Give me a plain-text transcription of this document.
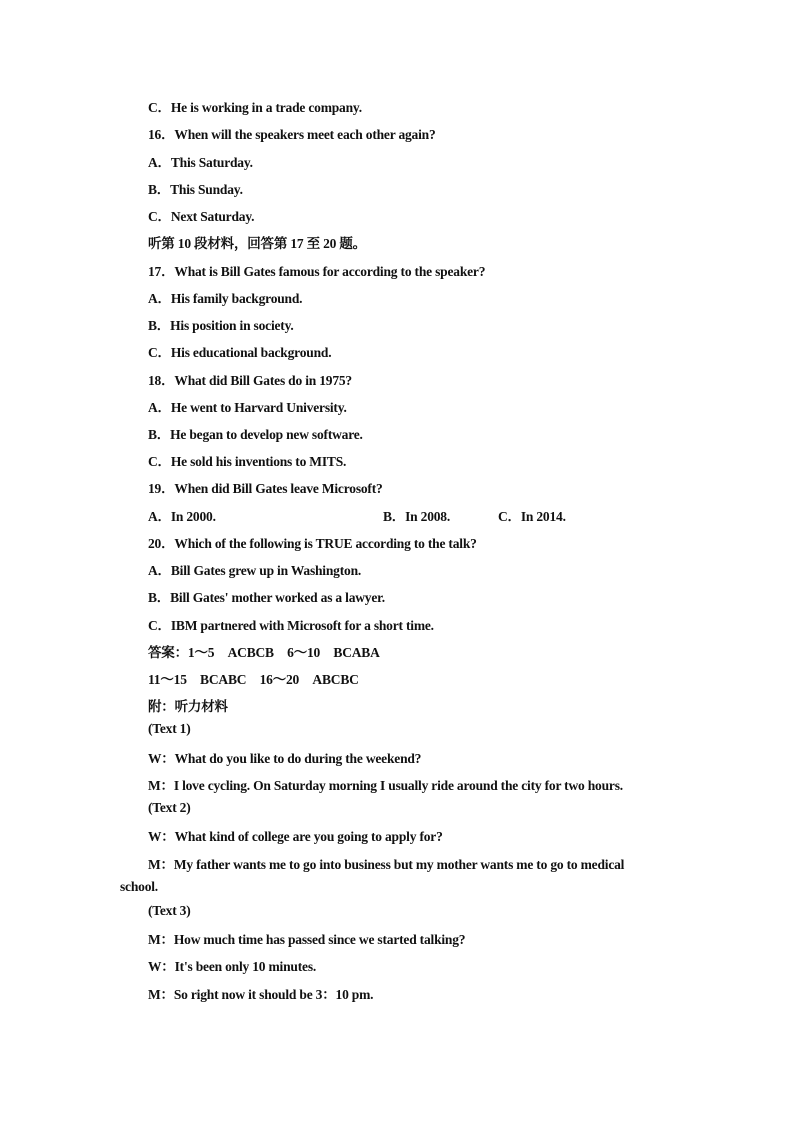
C．He is working in a trade company.
16．When will the speakers meet each other again?
A．This Saturday.
B．This Sunday.
C．Next Saturday.
听第 10 段材料，回答第 17 至 20 题。
17．What is Bill Gates famous for according to the speaker?
A．His family background.
B．His position in society.
C．His educational background.
18．What did Bill Gates do in 1975?
A．He went to Harvard University.
B．He began to develop new software.
C．He sold his inventions to MITS.
19．When did Bill Gates leave Microsoft?
A．In 2000.	B．In 2008.	C．In 2014.
20．Which of the following is TRUE according to the talk?
A．Bill Gates grew up in Washington.
B．Bill Gates' mother worked as a lawyer.
C．IBM partnered with Microsoft for a short time.
答案：1～5　ACBCB　6～10　BCABA
11～15　BCABC　16～20　ABCBC
附：听力材料
(Text 1)
W：What do you like to do during the weekend?
M：I love cycling. On Saturday morning I usually ride around the city for two hours.
(Text 2)
W：What kind of college are you going to apply for?
M：My father wants me to go into business but my mother wants me to go to medical
school.
(Text 3)
M：How much time has passed since we started talking?
W：It's been only 10 minutes.
M：So right now it should be 3：10 pm.
